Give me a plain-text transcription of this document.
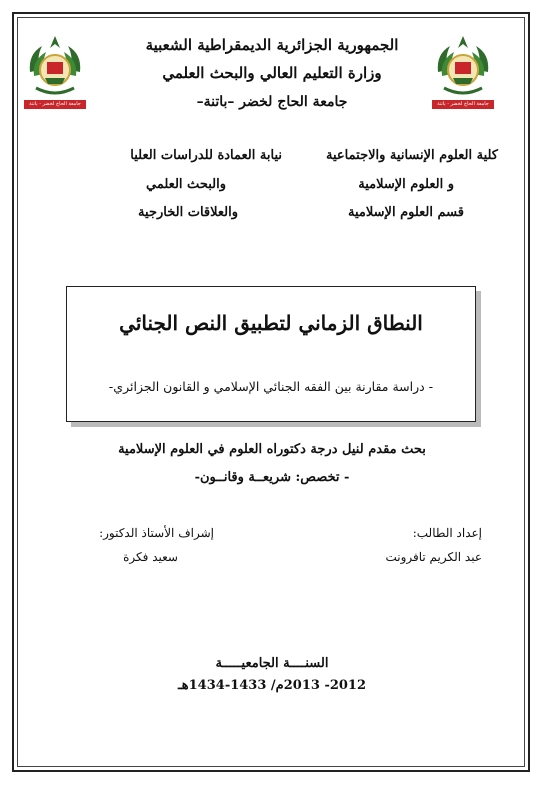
الجمهورية الجزائرية الديمقراطية الشعبية
وزارة التعليم العالي والبحث العلمي
جامعة الحاج لخضر –باتنة–
جامعة الحاج لخضر - باتنة	جامعة الحاج لخضر - باتنة
كلية العلوم الإنسانية والاجتماعية
و العلوم الإسلامية
قسم العلوم الإسلامية
نيابة العمادة للدراسات العليا
والبحث العلمي
والعلاقات الخارجية
النطاق الزماني لتطبيق النص الجنائي
- دراسة مقارنة بين الفقه الجنائي الإسلامي و القانون الجزائري-
بحث مقدم لنيل درجة دكتوراه العلوم في العلوم الإسلامية
- تخصص: شريعــة وقانــون-
إعداد الطالب:
عبد الكريم تافرونت
إشراف الأستاذ الدكتور:
سعيد فكرة
السنــــة الجامعيـــــة
2012- 2013م/ 1433-1434هـ
